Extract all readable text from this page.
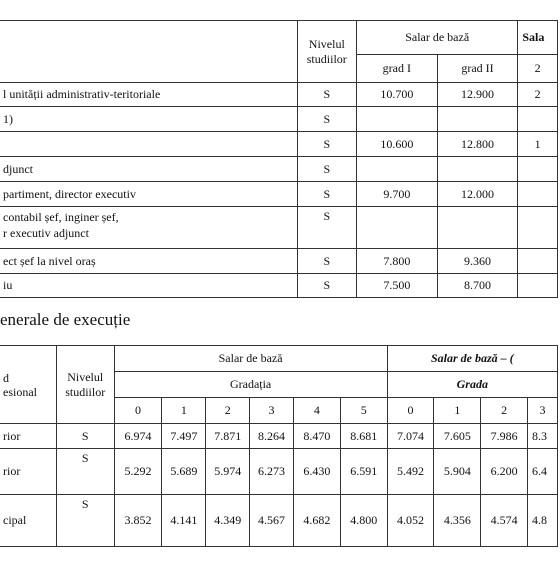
	Nivelul studiilor	Salar de bază		Sala
		grad I	grad II	2
l unității administrativ-teritoriale	S	10.700	12.900	2
1)	S			
	S	10.600	12.800	1
djunct	S			
partiment, director executiv	S	9.700	12.000	
contabil șef, inginer șef,
r executiv adjunct	S			
ect șef la nivel oraș	S	7.800	9.360	
iu	S	7.500	8.700	
enerale de execuție
d
esional	Nivelul studiilor	Salar de bază						Salar de bază – (			
		Gradația						Grada			
		0	1	2	3	4	5	0	1	2	3
rior	S	6.974	7.497	7.871	8.264	8.470	8.681	7.074	7.605	7.986	8.3
rior	S	5.292	5.689	5.974	6.273	6.430	6.591	5.492	5.904	6.200	6.4
cipal	S	3.852	4.141	4.349	4.567	4.682	4.800	4.052	4.356	4.574	4.8
